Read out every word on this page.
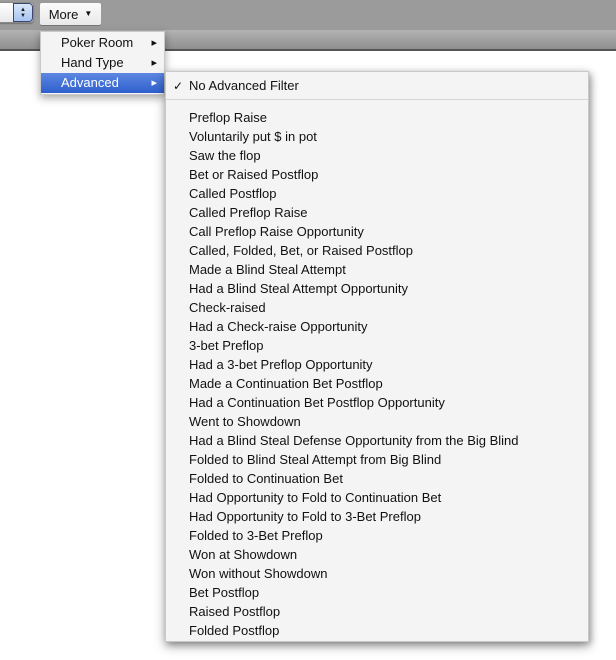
▲
▼ More ▼
Poker Room	▸
Hand Type	▸
Advanced	▸ ✓ No Advanced Filter
Preflop Raise
Voluntarily put $ in pot
Saw the flop
Bet or Raised Postflop
Called Postflop
Called Preflop Raise
Call Preflop Raise Opportunity
Called, Folded, Bet, or Raised Postflop
Made a Blind Steal Attempt
Had a Blind Steal Attempt Opportunity
Check-raised
Had a Check-raise Opportunity
3-bet Preflop
Had a 3-bet Preflop Opportunity
Made a Continuation Bet Postflop
Had a Continuation Bet Postflop Opportunity
Went to Showdown
Had a Blind Steal Defense Opportunity from the Big Blind
Folded to Blind Steal Attempt from Big Blind
Folded to Continuation Bet
Had Opportunity to Fold to Continuation Bet
Had Opportunity to Fold to 3-Bet Preflop
Folded to 3-Bet Preflop
Won at Showdown
Won without Showdown
Bet Postflop
Raised Postflop
Folded Postflop
